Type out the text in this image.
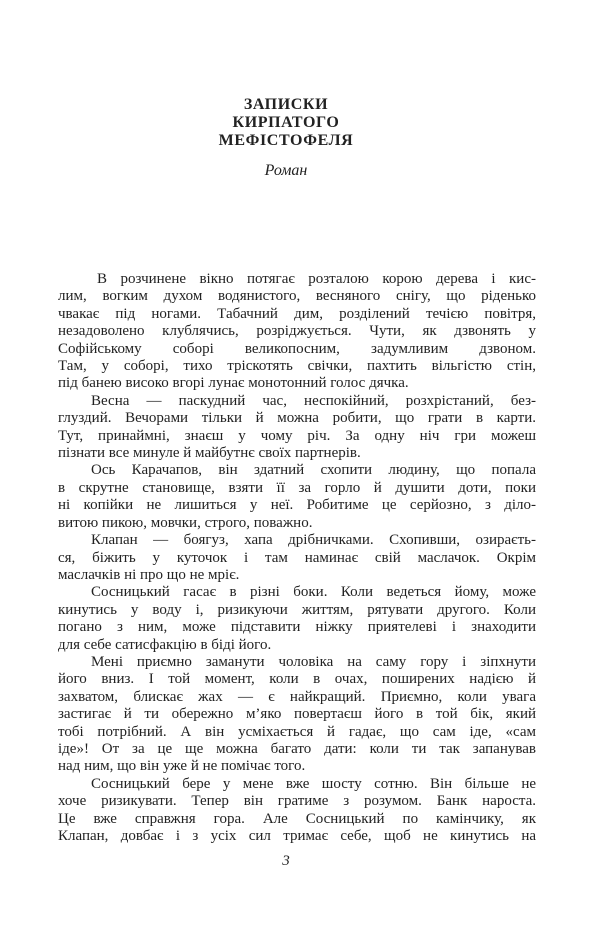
ЗАПИСКИ
КИРПАТОГО
МЕФІСТОФЕЛЯ
Роман

В розчинене вікно потягає розталою корою дерева і кис-
лим, вогким духом водянистого, весняного снігу, що ріденько
чвакає під ногами. Табачний дим, розділений течією повітря,
незадоволено клублячись, розріджується. Чути, як дзвонять у
Софійському соборі великопосним, задумливим дзвоном.
Там, у соборі, тихо тріскотять свічки, пахтить вільгістю стін,
під банею високо вгорі лунає монотонний голос дячка.

Весна — паскудний час, неспокійний, розхрістаний, без-
глуздий. Вечорами тільки й можна робити, що грати в карти.
Тут, принаймні, знаєш у чому річ. За одну ніч гри можеш
пізнати все минуле й майбутнє своїх партнерів.

Ось Карачапов, він здатний схопити людину, що попала
в скрутне становище, взяти її за горло й душити доти, поки
ні копійки не лишиться у неї. Робитиме це серйозно, з діло-
витою пикою, мовчки, строго, поважно.

Клапан — боягуз, хапа дрібничками. Схопивши, озираєть-
ся, біжить у куточок і там наминає свій маслачок. Окрім
маслачків ні про що не мріє.

Сосницький гасає в різні боки. Коли ведеться йому, може
кинутись у воду і, ризикуючи життям, рятувати другого. Коли
погано з ним, може підставити ніжку приятелеві і знаходити
для себе сатисфакцію в біді його.

Мені приємно заманути чоловіка на саму гору і зіпхнути
його вниз. І той момент, коли в очах, поширених надією й
захватом, блискає жах — є найкращий. Приємно, коли увага
застигає й ти обережно м’яко повертаєш його в той бік, який
тобі потрібний. А він усміхається й гадає, що сам іде, «сам
іде»! От за це ще можна багато дати: коли ти так запанував
над ним, що він уже й не помічає того.

Сосницький бере у мене вже шосту сотню. Він більше не
хоче ризикувати. Тепер він гратиме з розумом. Банк нароста.
Це вже справжня гора. Але Сосницький по камінчику, як
Клапан, довбає і з усіх сил тримає себе, щоб не кинутись на

3
